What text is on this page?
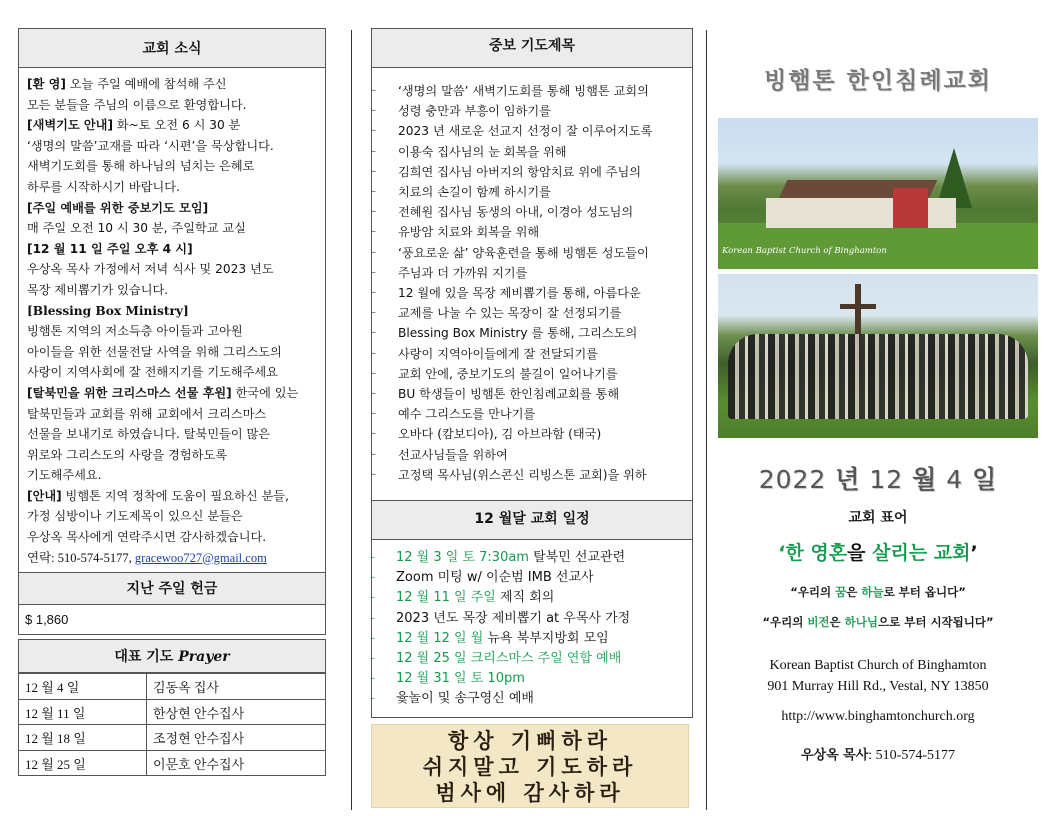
교회 소식

[환 영] 오늘 주일 예배에 참석해 주신

모든 분들을 주님의 이름으로 환영합니다.

[새벽기도 안내] 화~토 오전 6 시 30 분

‘생명의 말씀’교재를 따라 ‘시편’을 묵상합니다.

새벽기도회를 통해 하나님의 넘치는 은혜로

하루를 시작하시기 바랍니다.

[주일 예배를 위한 중보기도 모임]

매 주일 오전 10 시 30 분, 주일학교 교실

[12 월 11 일 주일 오후 4 시]

우상옥 목사 가정에서 저녁 식사 및 2023 년도

목장 제비뽑기가 있습니다.

[Blessing Box Ministry]

빙햄톤 지역의 저소득층 아이들과 고아원

아이들을 위한 선물전달 사역을 위해 그리스도의

사랑이 지역사회에 잘 전해지기를 기도해주세요

[탈북민을 위한 크리스마스 선물 후원] 한국에 있는

탈북민들과 교회를 위해 교회에서 크리스마스

선물을 보내기로 하였습니다. 탈북민들이 많은

위로와 그리스도의 사랑을 경험하도록

기도해주세요.

[안내] 빙햄톤 지역 정착에 도움이 필요하신 분들,

가정 심방이나 기도제목이 있으신 분들은

우상옥 목사에게 연락주시면 감사하겠습니다.

연락: 510-574-5177, gracewoo727@gmail.com

지난 주일 헌금
$ 1,860
대표 기도 Prayer
12 월 4 일	김동옥 집사
12 월 11 일	한상현 안수집사
12 월 18 일	조정현 안수집사
12 월 25 일	이문호 안수집사
중보 기도제목
– ‘생명의 말씀’ 새벽기도회를 통해 빙햄톤 교회의
– 성령 충만과 부흥이 임하기를
– 2023 년 새로운 선교지 선정이 잘 이루어지도록
– 이용숙 집사님의 눈 회복을 위해
– 김희연 집사님 아버지의 항암치료 위에 주님의
– 치료의 손길이 함께 하시기를
– 전혜원 집사님 동생의 아내, 이경아 성도님의
– 유방암 치료와 회복을 위해
– ‘풍요로운 삶’ 양육훈련을 통해 빙햄톤 성도들이
– 주님과 더 가까워 지기를
– 12 월에 있을 목장 제비뽑기를 통해, 아름다운
– 교제를 나눌 수 있는 목장이 잘 선정되기를
– Blessing Box Ministry 를 통해, 그리스도의
– 사랑이 지역아이들에게 잘 전달되기를
– 교회 안에, 중보기도의 불길이 일어나기를
– BU 학생들이 빙햄톤 한인침례교회를 통해
– 예수 그리스도를 만나기를
– 오바다 (캄보디아), 김 아브라함 (태국)
– 선교사님들을 위하여
– 고정택 목사님(위스콘신 리빙스톤 교회)을 위하
12 월달 교회 일정
– 12 월 3 일 토 7:30am 탈북민 선교관련
– Zoom 미팅 w/ 이순범 IMB 선교사
– 12 월 11 일 주일 제직 회의
– 2023 년도 목장 제비뽑기 at 우목사 가정
– 12 월 12 일 월 뉴욕 북부지방회 모임
– 12 월 25 일 크리스마스 주일 연합 예배
– 12 월 31 일 토 10pm
– 윷놀이 및 송구영신 예배
항상 기뻐하라
쉬지말고 기도하라
범사에 감사하라
빙햄톤 한인침례교회
Korean Baptist Church of Binghamton
2022 년 12 월 4 일
교회 표어
‘한 영혼을 살리는 교회’
“우리의 꿈은 하늘로 부터 옵니다”
“우리의 비전은 하나님으로 부터 시작됩니다”
Korean Baptist Church of Binghamton
901 Murray Hill Rd., Vestal, NY 13850
http://www.binghamtonchurch.org
우상옥 목사: 510-574-5177
